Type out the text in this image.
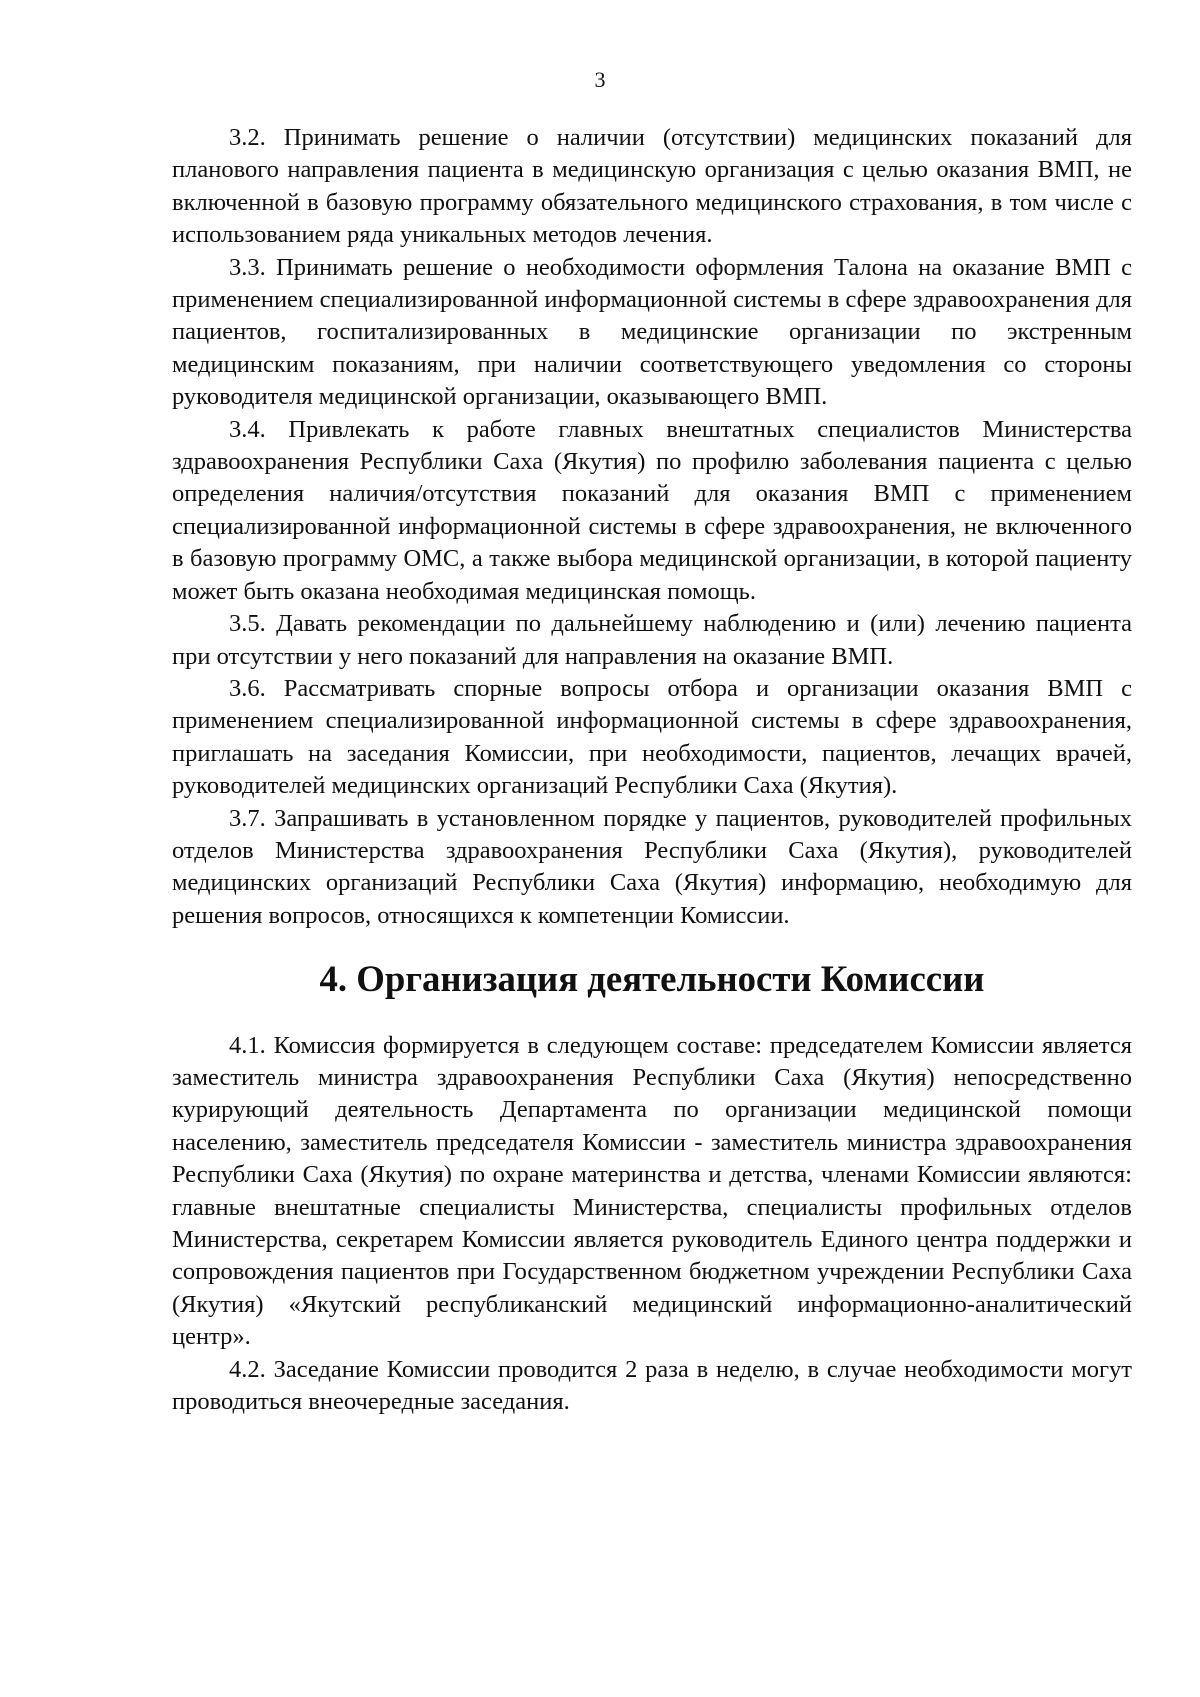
3

3.2. Принимать решение о наличии (отсутствии) медицинских показаний для планового направления пациента в медицинскую организация с целью оказания ВМП, не включенной в базовую программу обязательного медицинского страхования, в том числе с использованием ряда уникальных методов лечения.

3.3. Принимать решение о необходимости оформления Талона на оказание ВМП с применением специализированной информационной системы в сфере здравоохранения для пациентов, госпитализированных в медицинские организации по экстренным медицинским показаниям, при наличии соответствующего уведомления со стороны руководителя медицинской организации, оказывающего ВМП.

3.4. Привлекать к работе главных внештатных специалистов Министерства здравоохранения Республики Саха (Якутия) по профилю заболевания пациента с целью определения наличия/отсутствия показаний для оказания ВМП с применением специализированной информационной системы в сфере здравоохранения, не включенного в базовую программу ОМС, а также выбора медицинской организации, в которой пациенту может быть оказана необходимая медицинская помощь.

3.5. Давать рекомендации по дальнейшему наблюдению и (или) лечению пациента при отсутствии у него показаний для направления на оказание ВМП.

3.6. Рассматривать спорные вопросы отбора и организации оказания ВМП с применением специализированной информационной системы в сфере здравоохранения, приглашать на заседания Комиссии, при необходимости, пациентов, лечащих врачей, руководителей медицинских организаций Республики Саха (Якутия).

3.7. Запрашивать в установленном порядке у пациентов, руководителей профильных отделов Министерства здравоохранения Республики Саха (Якутия), руководителей медицинских организаций Республики Саха (Якутия) информацию, необходимую для решения вопросов, относящихся к компетенции Комиссии.

4. Организация деятельности Комиссии

4.1. Комиссия формируется в следующем составе: председателем Комиссии является заместитель министра здравоохранения Республики Саха (Якутия) непосредственно курирующий деятельность Департамента по организации медицинской помощи населению, заместитель председателя Комиссии - заместитель министра здравоохранения Республики Саха (Якутия) по охране материнства и детства, членами Комиссии являются: главные внештатные специалисты Министерства, специалисты профильных отделов Министерства, секретарем Комиссии является руководитель Единого центра поддержки и сопровождения пациентов при Государственном бюджетном учреждении Республики Саха (Якутия) «Якутский республиканский медицинский информационно-аналитический центр».

4.2. Заседание Комиссии проводится 2 раза в неделю, в случае необходимости могут проводиться внеочередные заседания.
